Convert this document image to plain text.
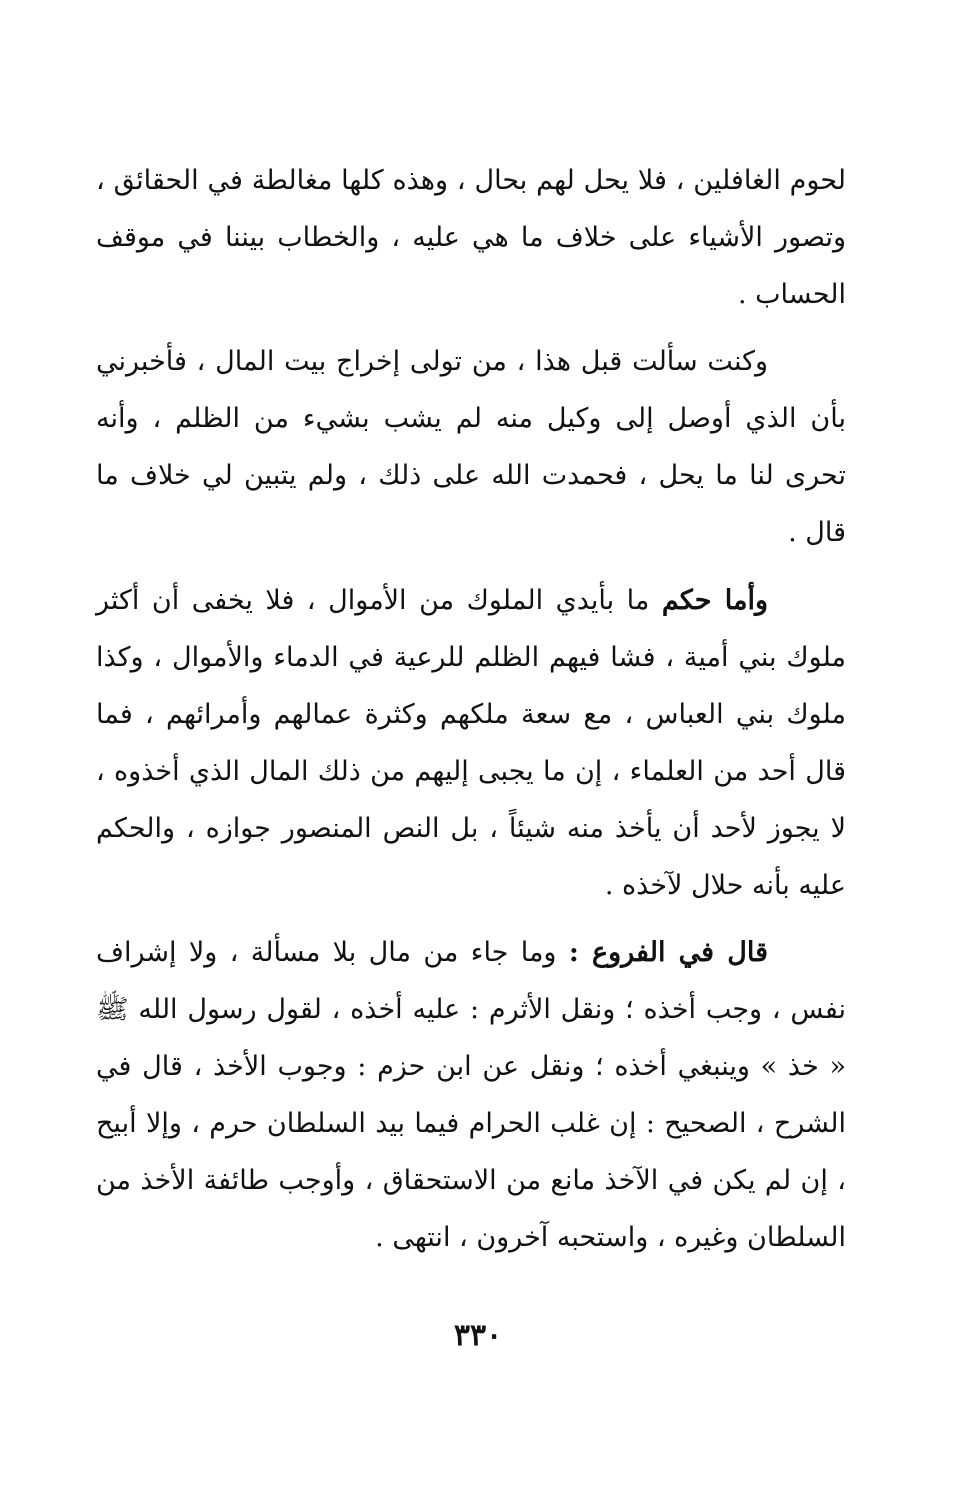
لحوم الغافلين ، فلا يحل لهم بحال ، وهذه كلها مغالطة في الحقائق ، وتصور الأشياء على خلاف ما هي عليه ، والخطاب بيننا في موقف الحساب .

وكنت سألت قبل هذا ، من تولى إخراج بيت المال ، فأخبرني بأن الذي أوصل إلى وكيل منه لم يشب بشيء من الظلم ، وأنه تحرى لنا ما يحل ، فحمدت الله على ذلك ، ولم يتبين لي خلاف ما قال .

وأما حكم ما بأيدي الملوك من الأموال ، فلا يخفى أن أكثر ملوك بني أمية ، فشا فيهم الظلم للرعية في الدماء والأموال ، وكذا ملوك بني العباس ، مع سعة ملكهم وكثرة عمالهم وأمرائهم ، فما قال أحد من العلماء ، إن ما يجبى إليهم من ذلك المال الذي أخذوه ، لا يجوز لأحد أن يأخذ منه شيئاً ، بل النص المنصور جوازه ، والحكم عليه بأنه حلال لآخذه .

قال في الفروع : وما جاء من مال بلا مسألة ، ولا إشراف نفس ، وجب أخذه ؛ ونقل الأثرم : عليه أخذه ، لقول رسول الله ﷺ « خذ » وينبغي أخذه ؛ ونقل عن ابن حزم : وجوب الأخذ ، قال في الشرح ، الصحيح : إن غلب الحرام فيما بيد السلطان حرم ، وإلا أبيح ، إن لم يكن في الآخذ مانع من الاستحقاق ، وأوجب طائفة الأخذ من السلطان وغيره ، واستحبه آخرون ، انتهى .

٣٣٠
